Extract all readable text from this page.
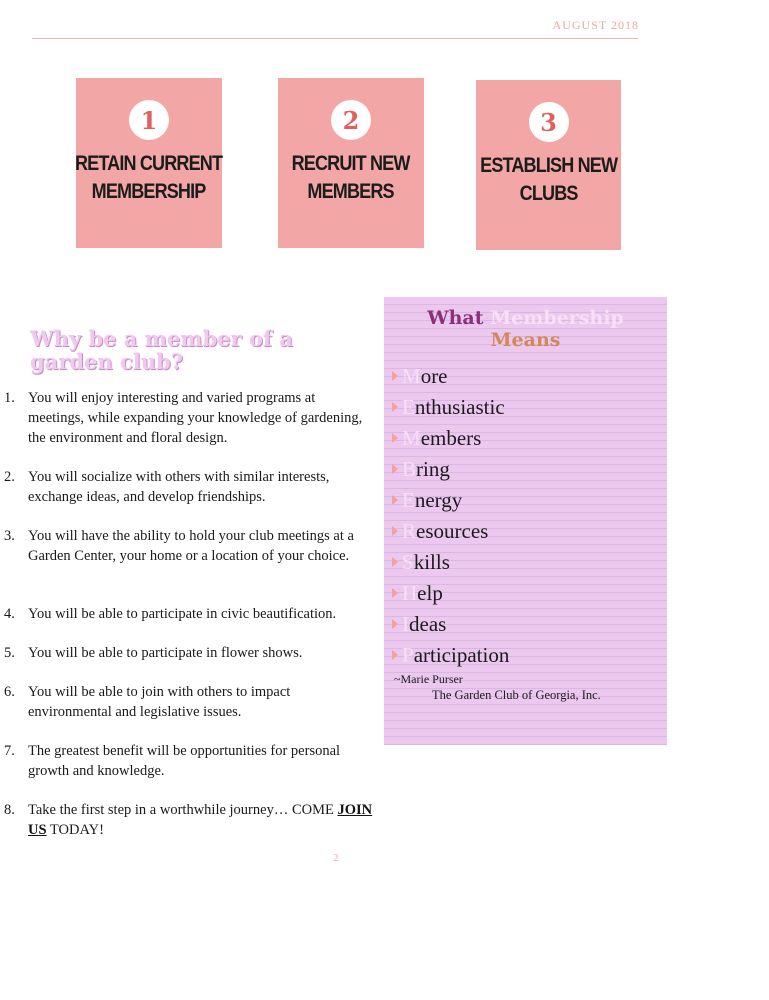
AUGUST 2018
1
RETAIN CURRENT
MEMBERSHIP
2
RECRUIT NEW
MEMBERS
3
ESTABLISH NEW
CLUBS
Why be a member of a
garden club?
1. You will enjoy interesting and varied programs at meetings, while expanding your knowledge of gardening, the environment and floral design.
2. You will socialize with others with similar interests, exchange ideas, and develop friendships.
3. You will have the ability to hold your club meetings at a Garden Center, your home or a location of your choice.
4. You will be able to participate in civic beautification.
5. You will be able to participate in flower shows.
6. You will be able to join with others to impact environmental and legislative issues.
7. The greatest benefit will be opportunities for personal growth and knowledge.
8. Take the first step in a worthwhile journey… COME JOIN US TODAY!
2
What Membership
Means
More
Enthusiastic
Members
Bring
Energy
Resources
Skills
Help
Ideas
Participation
~Marie Purser
The Garden Club of Georgia, Inc.
